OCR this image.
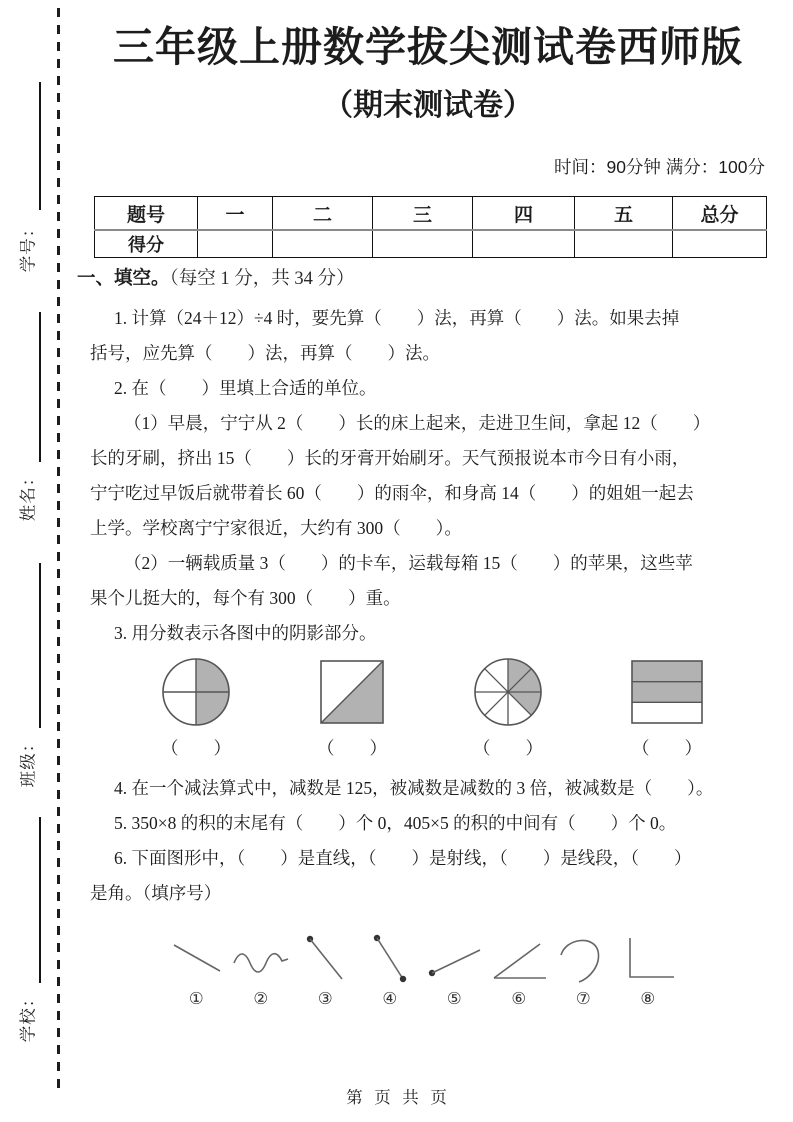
学号：
姓名：
班级：
学校：
三年级上册数学拔尖测试卷西师版
（期末测试卷）
时间：90分钟 满分：100分
题号	一	二	三	四	五	总分
得分						
一、填空。（每空 1 分，共 34 分）
1. 计算（24＋12）÷4 时，要先算（　　）法，再算（　　）法。如果去掉
括号，应先算（　　）法，再算（　　）法。
2. 在（　　）里填上合适的单位。
（1）早晨，宁宁从 2（　　）长的床上起来，走进卫生间，拿起 12（　　）
长的牙刷，挤出 15（　　）长的牙膏开始刷牙。天气预报说本市今日有小雨，
宁宁吃过早饭后就带着长 60（　　）的雨伞，和身高 14（　　）的姐姐一起去
上学。学校离宁宁家很近，大约有 300（　　）。
（2）一辆载质量 3（　　）的卡车，运载每箱 15（　　）的苹果，这些苹
果个儿挺大的，每个有 300（　　）重。
3. 用分数表示各图中的阴影部分。
（　　）	（　　）	（　　）	（　　）
4. 在一个减法算式中，减数是 125，被减数是减数的 3 倍，被减数是（　　）。
5. 350×8 的积的末尾有（　　）个 0，405×5 的积的中间有（　　）个 0。
6. 下面图形中，（　　）是直线，（　　）是射线，（　　）是线段，（　　）
是角。（填序号）
①	②	③	④	⑤	⑥	⑦	⑧
第 页 共 页
